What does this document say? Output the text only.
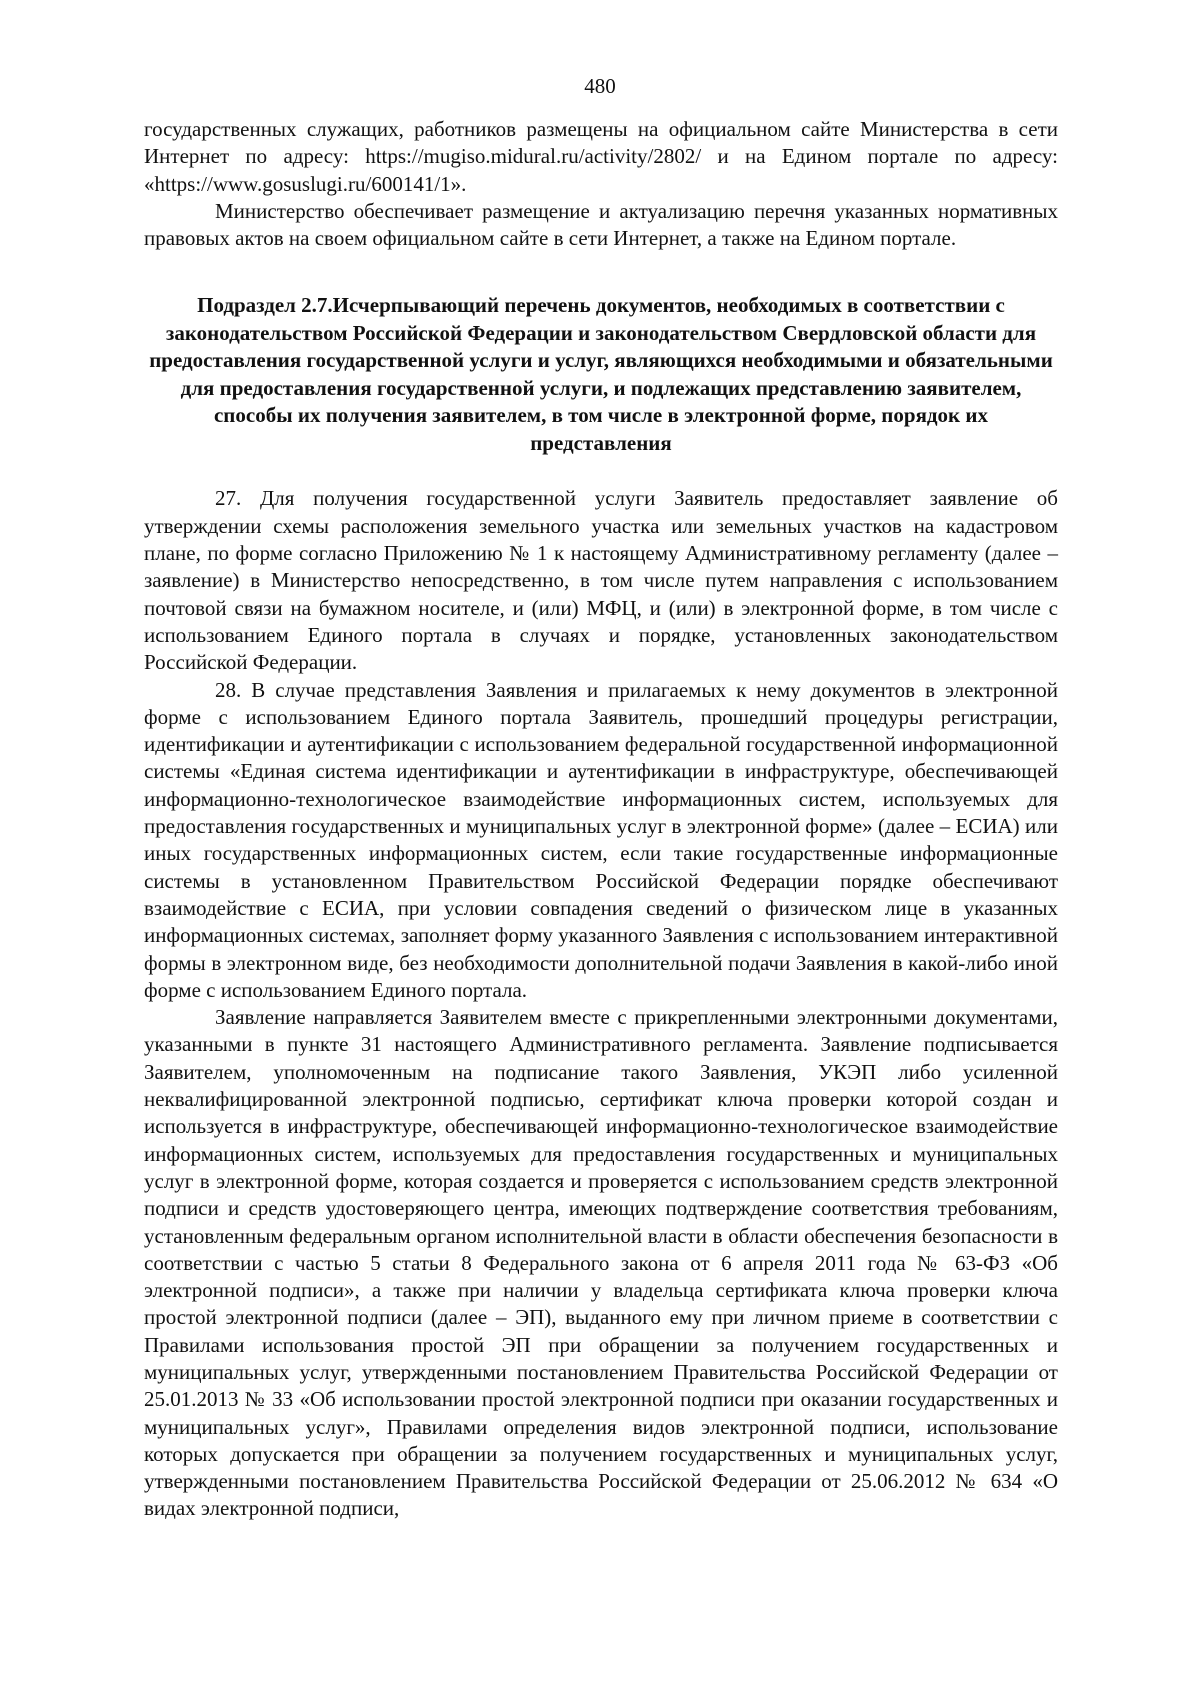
480

государственных служащих, работников размещены на официальном сайте Министерства в сети Интернет по адресу: https://mugiso.midural.ru/activity/2802/ и на Едином портале по адресу: «https://www.gosuslugi.ru/600141/1».

Министерство обеспечивает размещение и актуализацию перечня указанных нормативных правовых актов на своем официальном сайте в сети Интернет, а также на Едином портале.

Подраздел 2.7.Исчерпывающий перечень документов, необходимых в соответствии с законодательством Российской Федерации и законодательством Свердловской области для предоставления государственной услуги и услуг, являющихся необходимыми и обязательными для предоставления государственной услуги, и подлежащих представлению заявителем, способы их получения заявителем, в том числе в электронной форме, порядок их представления

27. Для получения государственной услуги Заявитель предоставляет заявление об утверждении схемы расположения земельного участка или земельных участков на кадастровом плане, по форме согласно Приложению № 1 к настоящему Административному регламенту (далее – заявление) в Министерство непосредственно, в том числе путем направления с использованием почтовой связи на бумажном носителе, и (или) МФЦ, и (или) в электронной форме, в том числе с использованием Единого портала в случаях и порядке, установленных законодательством Российской Федерации.

28. В случае представления Заявления и прилагаемых к нему документов в электронной форме с использованием Единого портала Заявитель, прошедший процедуры регистрации, идентификации и аутентификации с использованием федеральной государственной информационной системы «Единая система идентификации и аутентификации в инфраструктуре, обеспечивающей информационно-технологическое взаимодействие информационных систем, используемых для предоставления государственных и муниципальных услуг в электронной форме» (далее – ЕСИА) или иных государственных информационных систем, если такие государственные информационные системы в установленном Правительством Российской Федерации порядке обеспечивают взаимодействие с ЕСИА, при условии совпадения сведений о физическом лице в указанных информационных системах, заполняет форму указанного Заявления с использованием интерактивной формы в электронном виде, без необходимости дополнительной подачи Заявления в какой-либо иной форме с использованием Единого портала.

Заявление направляется Заявителем вместе с прикрепленными электронными документами, указанными в пункте 31 настоящего Административного регламента. Заявление подписывается Заявителем, уполномоченным на подписание такого Заявления, УКЭП либо усиленной неквалифицированной электронной подписью, сертификат ключа проверки которой создан и используется в инфраструктуре, обеспечивающей информационно-технологическое взаимодействие информационных систем, используемых для предоставления государственных и муниципальных услуг в электронной форме, которая создается и проверяется с использованием средств электронной подписи и средств удостоверяющего центра, имеющих подтверждение соответствия требованиям, установленным федеральным органом исполнительной власти в области обеспечения безопасности в соответствии с частью 5 статьи 8 Федерального закона от 6 апреля 2011 года № 63-ФЗ «Об электронной подписи», а также при наличии у владельца сертификата ключа проверки ключа простой электронной подписи (далее – ЭП), выданного ему при личном приеме в соответствии с Правилами использования простой ЭП при обращении за получением государственных и муниципальных услуг, утвержденными постановлением Правительства Российской Федерации от 25.01.2013 № 33 «Об использовании простой электронной подписи при оказании государственных и муниципальных услуг», Правилами определения видов электронной подписи, использование которых допускается при обращении за получением государственных и муниципальных услуг, утвержденными постановлением Правительства Российской Федерации от 25.06.2012 № 634 «О видах электронной подписи,
